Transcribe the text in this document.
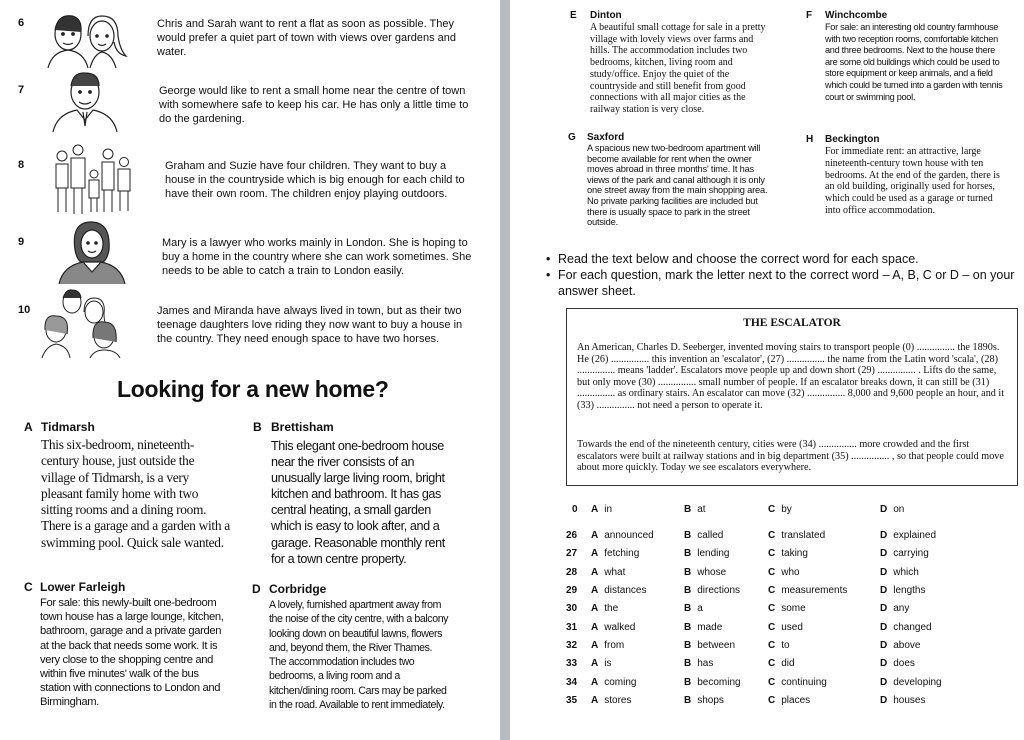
6	Chris and Sarah want to rent a flat as soon as possible. They would prefer a quiet part of town with views over gardens and water.
7	George would like to rent a small home near the centre of town with somewhere safe to keep his car. He has only a little time to do the gardening.
8	Graham and Suzie have four children. They want to buy a house in the countryside which is big enough for each child to have their own room. The children enjoy playing outdoors.
9	Mary is a lawyer who works mainly in London. She is hoping to buy a home in the country where she can work sometimes. She needs to be able to catch a train to London easily.
10	James and Miranda have always lived in town, but as their two teenage daughters love riding they now want to buy a house in the country. They need enough space to have two horses.
Looking for a new home?
A Tidmarsh
This six-bedroom, nineteenth-century house, just outside the village of Tidmarsh, is a very pleasant family home with two sitting rooms and a dining room. There is a garage and a garden with a swimming pool. Quick sale wanted.
B Brettisham
This elegant one-bedroom house near the river consists of an unusually large living room, bright kitchen and bathroom. It has gas central heating, a small garden which is easy to look after, and a garage. Reasonable monthly rent for a town centre property.
C Lower Farleigh
For sale: this newly-built one-bedroom town house has a large lounge, kitchen, bathroom, garage and a private garden at the back that needs some work. It is very close to the shopping centre and within five minutes' walk of the bus station with connections to London and Birmingham.
D Corbridge
A lovely, furnished apartment away from the noise of the city centre, with a balcony looking down on beautiful lawns, flowers and, beyond them, the River Thames. The accommodation includes two bedrooms, a living room and a kitchen/dining room. Cars may be parked in the road. Available to rent immediately.
E Dinton
A beautiful small cottage for sale in a pretty village with lovely views over farms and hills. The accommodation includes two bedrooms, kitchen, living room and study/office. Enjoy the quiet of the countryside and still benefit from good connections with all major cities as the railway station is very close.
F Winchcombe
For sale: an interesting old country farmhouse with two reception rooms, comfortable kitchen and three bedrooms. Next to the house there are some old buildings which could be used to store equipment or keep animals, and a field which could be turned into a garden with tennis court or swimming pool.
G Saxford
A spacious new two-bedroom apartment will become available for rent when the owner moves abroad in three months' time. It has views of the park and canal although it is only one street away from the main shopping area. No private parking facilities are included but there is usually space to park in the street outside.
H Beckington
For immediate rent: an attractive, large nineteenth-century town house with ten bedrooms. At the end of the garden, there is an old building, originally used for horses, which could be used as a garage or turned into office accommodation.
• Read the text below and choose the correct word for each space.
• For each question, mark the letter next to the correct word – A, B, C or D – on your answer sheet.
THE ESCALATOR
An American, Charles D. Seeberger, invented moving stairs to transport people (0) ............... the 1890s. He (26) ............... this invention an 'escalator', (27) ............... the name from the Latin word 'scala', (28) ............... means 'ladder'. Escalators move people up and down short (29) ............... . Lifts do the same, but only move (30) ............... small number of people. If an escalator breaks down, it can still be (31) ............... as ordinary stairs. An escalator can move (32) ............... 8,000 and 9,600 people an hour, and it (33) ............... not need a person to operate it.
Towards the end of the nineteenth century, cities were (34) ............... more crowded and the first escalators were built at railway stations and in big department (35) ............... , so that people could move about more quickly. Today we see escalators everywhere.
0 A in	B at	C by	D on
26 A announced	B called	C translated	D explained
27 A fetching	B lending	C taking	D carrying
28 A what	B whose	C who	D which
29 A distances	B directions	C measurements	D lengths
30 A the	B a	C some	D any
31 A walked	B made	C used	D changed
32 A from	B between	C to	D above
33 A is	B has	C did	D does
34 A coming	B becoming	C continuing	D developing
35 A stores	B shops	C places	D houses
